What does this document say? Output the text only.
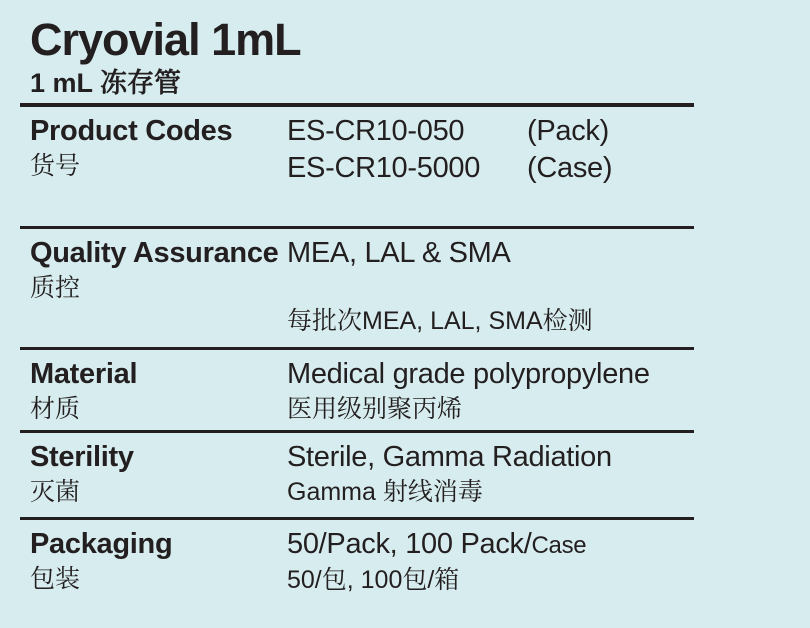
Cryovial 1mL
1 mL 冻存管
Product Codes
货号
ES-CR10-050 (Pack)
ES-CR10-5000 (Case)
Quality Assurance
质控
MEA, LAL & SMA
每批次MEA, LAL, SMA检测
Material
材质
Medical grade polypropylene
医用级别聚丙烯
Sterility
灭菌
Sterile, Gamma Radiation
Gamma 射线消毒
Packaging
包装
50/Pack, 100 Pack/Case
50/包, 100包/箱
